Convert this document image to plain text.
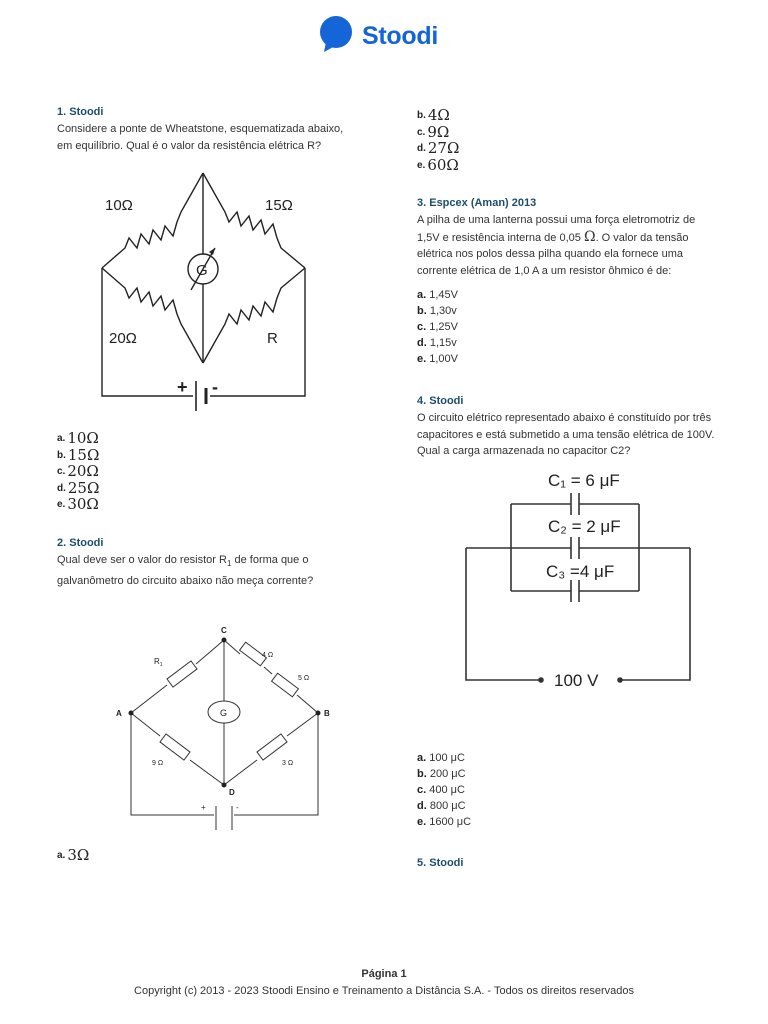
Stoodi
1. Stoodi
Considere a ponte de Wheatstone, esquematizada abaixo,
em equilíbrio. Qual é o valor da resistência elétrica R?
10Ω	15Ω
20Ω	R
G
+ -
$^{a.}$ 10Ω
$^{b.}$ 15Ω
$^{c.}$ 20Ω
$^{d.}$ 25Ω
$^{e.}$ 30Ω
2. Stoodi
Qual deve ser o valor do resistor $R_1$ de forma que o
galvanômetro do circuito abaixo não meça corrente?
C
A	B
D
$R_1$
4 Ω
5 Ω
9 Ω	3 Ω
G
+	-
$^{a.}$ 3Ω
$^{b.}$ 4Ω
$^{c.}$ 9Ω
$^{d.}$ 27Ω
$^{e.}$ 60Ω
3. Espcex (Aman) 2013
A pilha de uma lanterna possui uma força eletromotriz de
1,5V e resistência interna de 0,05 Ω. O valor da tensão
elétrica nos polos dessa pilha quando ela fornece uma
corrente elétrica de 1,0 A a um resistor ôhmico é de:
a. 1,45V
b. 1,30v
c. 1,25V
d. 1,15v
e. 1,00V
4. Stoodi
O circuito elétrico representado abaixo é constituído por três
capacitores e está submetido a uma tensão elétrica de 100V.
Qual a carga armazenada no capacitor C2?
C₁ = 6 μF
C₂ = 2 μF
C₃ =4 μF
100 V
a. 100 μC
b. 200 μC
c. 400 μC
d. 800 μC
e. 1600 μC
5. Stoodi
Página 1
Copyright (c) 2013 - 2023 Stoodi Ensino e Treinamento a Distância S.A. - Todos os direitos reservados
